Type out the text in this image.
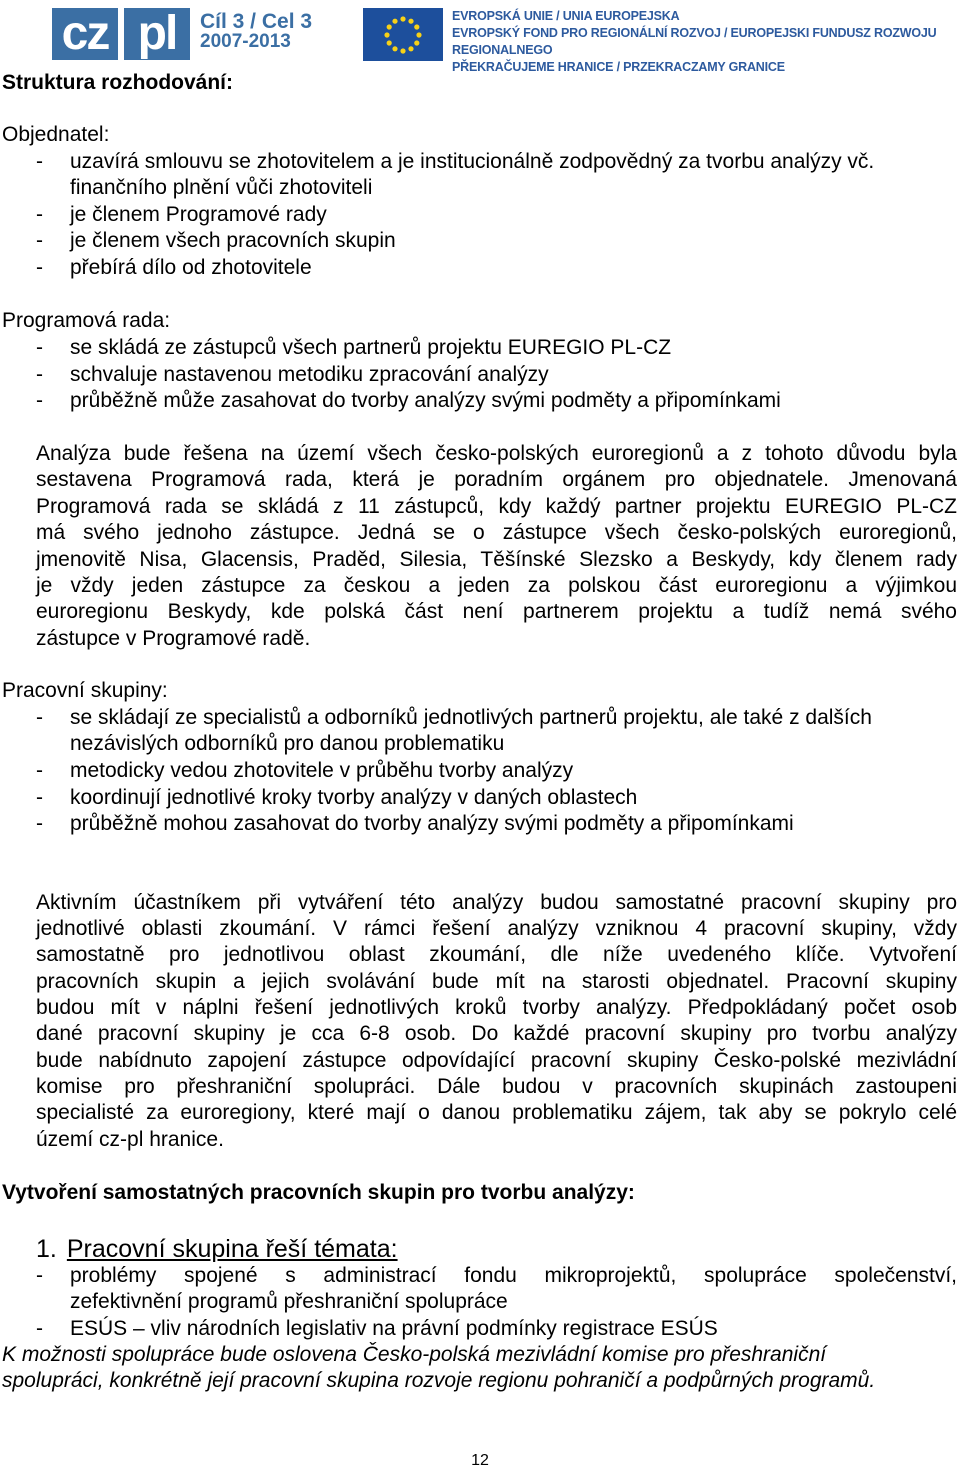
cz pl	Cíl 3 / Cel 3
2007-2013
EVROPSKÁ UNIE / UNIA EUROPEJSKA
EVROPSKÝ FOND PRO REGIONÁLNÍ ROZVOJ / EUROPEJSKI FUNDUSZ ROZWOJU REGIONALNEGO
PŘEKRAČUJEME HRANICE / PRZEKRACZAMY GRANICE
Struktura rozhodování:
Objednatel:
- uzavírá smlouvu se zhotovitelem a je institucionálně zodpovědný za tvorbu analýzy vč.
finančního plnění vůči zhotoviteli
- je členem Programové rady
- je členem všech pracovních skupin
- přebírá dílo od zhotovitele
Programová rada:
- se skládá ze zástupců všech partnerů projektu EUREGIO PL-CZ
- schvaluje nastavenou metodiku zpracování analýzy
- průběžně může zasahovat do tvorby analýzy svými podměty a připomínkami
Analýza bude řešena na území všech česko-polských euroregionů a z tohoto důvodu byla
sestavena Programová rada, která je poradním orgánem pro objednatele. Jmenovaná
Programová rada se skládá z 11 zástupců, kdy každý partner projektu EUREGIO PL-CZ
má svého jednoho zástupce. Jedná se o zástupce všech česko-polských euroregionů,
jmenovitě Nisa, Glacensis, Praděd, Silesia, Těšínské Slezsko a Beskydy, kdy členem rady
je vždy jeden zástupce za českou a jeden za polskou část euroregionu a výjimkou
euroregionu Beskydy, kde polská část není partnerem projektu a tudíž nemá svého
zástupce v Programové radě.
Pracovní skupiny:
- se skládají ze specialistů a odborníků jednotlivých partnerů projektu, ale také z dalších
nezávislých odborníků pro danou problematiku
- metodicky vedou zhotovitele v průběhu tvorby analýzy
- koordinují jednotlivé kroky tvorby analýzy v daných oblastech
- průběžně mohou zasahovat do tvorby analýzy svými podměty a připomínkami
Aktivním účastníkem při vytváření této analýzy budou samostatné pracovní skupiny pro
jednotlivé oblasti zkoumání. V rámci řešení analýzy vzniknou 4 pracovní skupiny, vždy
samostatně pro jednotlivou oblast zkoumání, dle níže uvedeného klíče. Vytvoření
pracovních skupin a jejich svolávání bude mít na starosti objednatel. Pracovní skupiny
budou mít v náplni řešení jednotlivých kroků tvorby analýzy. Předpokládaný počet osob
dané pracovní skupiny je cca 6-8 osob. Do každé pracovní skupiny pro tvorbu analýzy
bude nabídnuto zapojení zástupce odpovídající pracovní skupiny Česko-polské mezivládní
komise pro přeshraniční spolupráci. Dále budou v pracovních skupinách zastoupeni
specialisté za euroregiony, které mají o danou problematiku zájem, tak aby se pokrylo celé
území cz-pl hranice.
Vytvoření samostatných pracovních skupin pro tvorbu analýzy:
1. Pracovní skupina řeší témata:
- problémy spojené s administrací fondu mikroprojektů, spolupráce společenství,
zefektivnění programů přeshraniční spolupráce
- ESÚS – vliv národních legislativ na právní podmínky registrace ESÚS
K možnosti spolupráce bude oslovena Česko-polská mezivládní komise pro přeshraniční
spolupráci, konkrétně její pracovní skupina rozvoje regionu pohraničí a podpůrných programů.
12
